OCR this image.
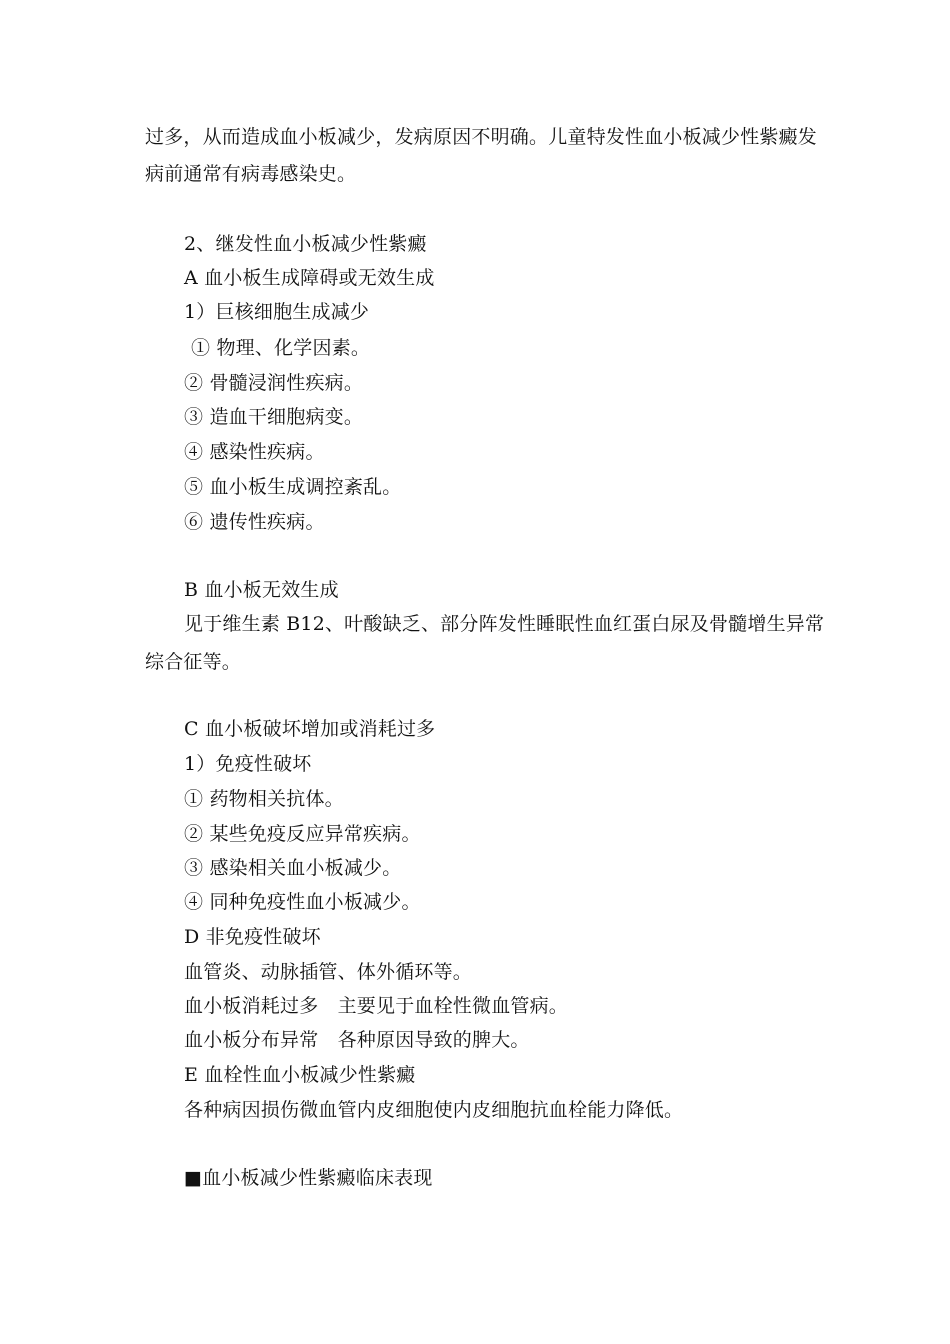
过多，从而造成血小板减少，发病原因不明确。儿童特发性血小板减少性紫癜发
病前通常有病毒感染史。
2、继发性血小板减少性紫癜
A 血小板生成障碍或无效生成
1）巨核细胞生成减少
① 物理、化学因素。
② 骨髓浸润性疾病。
③ 造血干细胞病变。
④ 感染性疾病。
⑤ 血小板生成调控紊乱。
⑥ 遗传性疾病。
B 血小板无效生成
见于维生素 B12、叶酸缺乏、部分阵发性睡眠性血红蛋白尿及骨髓增生异常
综合征等。
C 血小板破坏增加或消耗过多
1）免疫性破坏
① 药物相关抗体。
② 某些免疫反应异常疾病。
③ 感染相关血小板减少。
④ 同种免疫性血小板减少。
D 非免疫性破坏
血管炎、动脉插管、体外循环等。
血小板消耗过多　主要见于血栓性微血管病。
血小板分布异常　各种原因导致的脾大。
E 血栓性血小板减少性紫癜
各种病因损伤微血管内皮细胞使内皮细胞抗血栓能力降低。
■血小板减少性紫癜临床表现
